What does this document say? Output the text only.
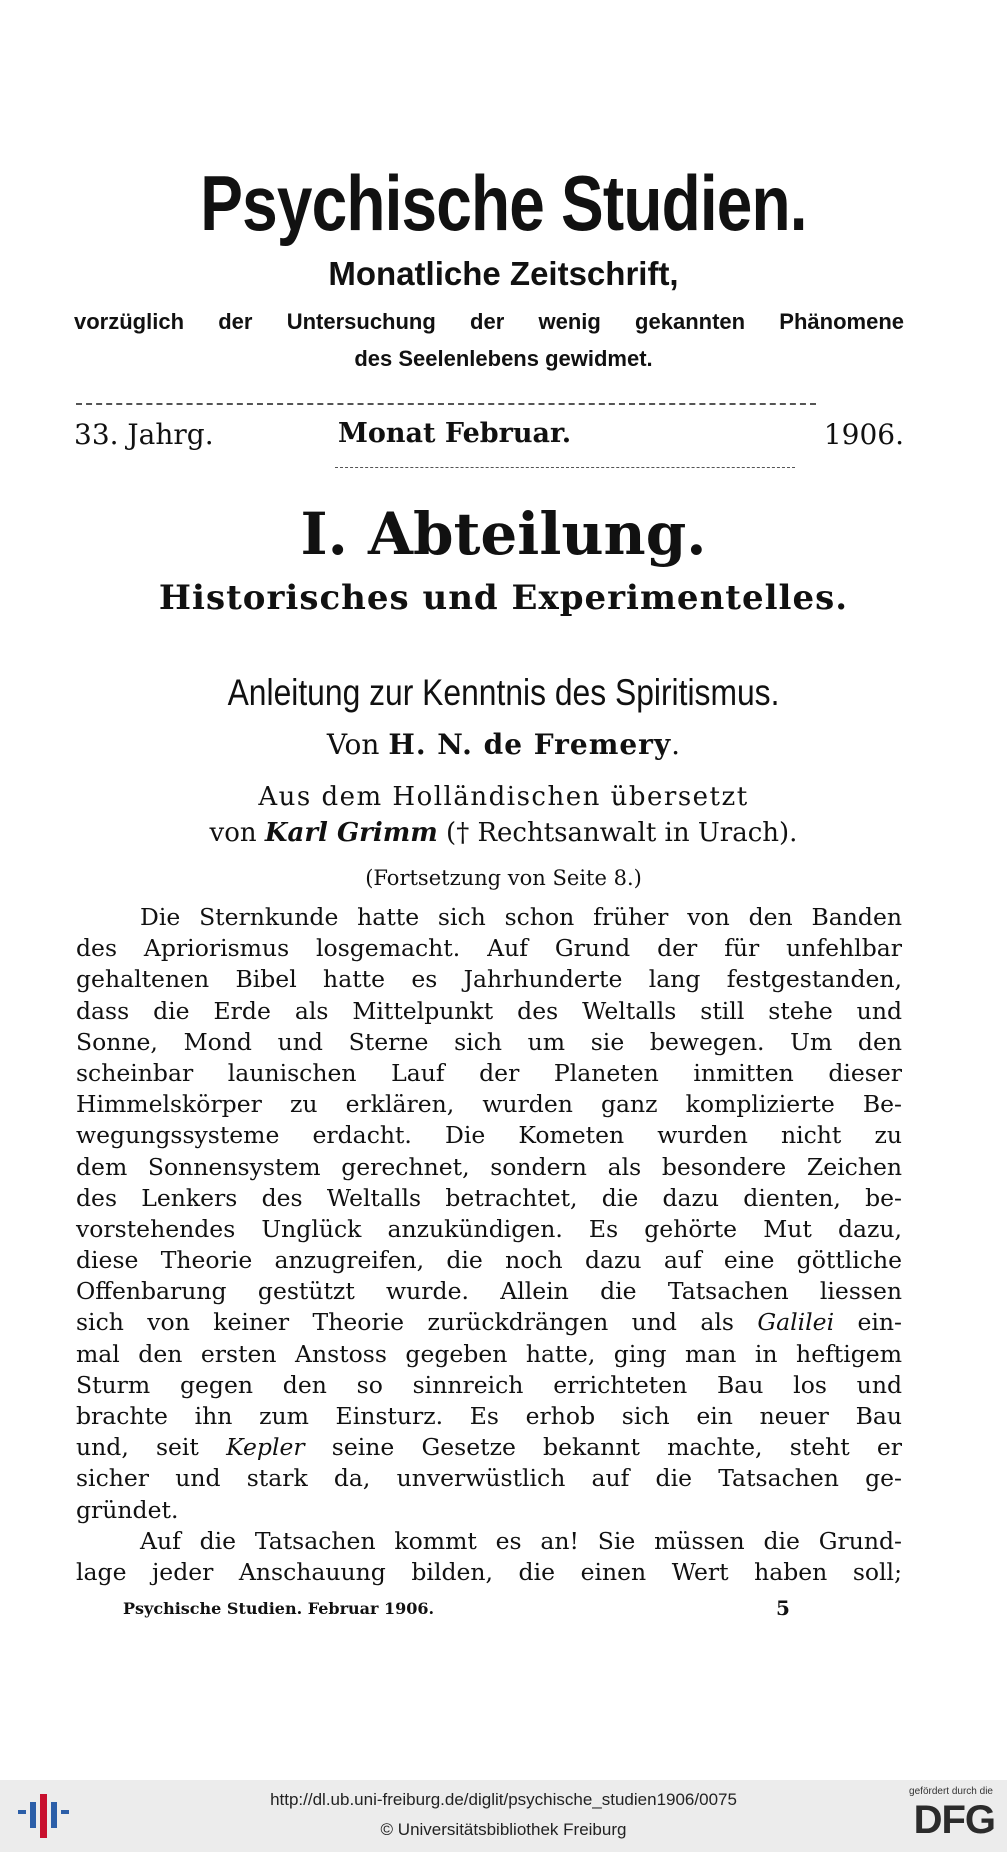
Psychische Studien.
Monatliche Zeitschrift,
vorzüglich der Untersuchung der wenig gekannten Phänomene
des Seelenlebens gewidmet.
33. Jahrg.	Monat Februar.	1906.
I. Abteilung.
Historisches und Experimentelles.
Anleitung zur Kenntnis des Spiritismus.
Von H. N. de Fremery.
Aus dem Holländischen übersetzt
von Karl Grimm († Rechtsanwalt in Urach).
(Fortsetzung von Seite 8.)
Die Sternkunde hatte sich schon früher von den Banden
des Apriorismus losgemacht. Auf Grund der für unfehlbar
gehaltenen Bibel hatte es Jahrhunderte lang festgestanden,
dass die Erde als Mittelpunkt des Weltalls still stehe und
Sonne, Mond und Sterne sich um sie bewegen. Um den
scheinbar launischen Lauf der Planeten inmitten dieser
Himmelskörper zu erklären, wurden ganz komplizierte Be-
wegungssysteme erdacht. Die Kometen wurden nicht zu
dem Sonnensystem gerechnet, sondern als besondere Zeichen
des Lenkers des Weltalls betrachtet, die dazu dienten, be-
vorstehendes Unglück anzukündigen. Es gehörte Mut dazu,
diese Theorie anzugreifen, die noch dazu auf eine göttliche
Offenbarung gestützt wurde. Allein die Tatsachen liessen
sich von keiner Theorie zurückdrängen und als Galilei ein-
mal den ersten Anstoss gegeben hatte, ging man in heftigem
Sturm gegen den so sinnreich errichteten Bau los und
brachte ihn zum Einsturz. Es erhob sich ein neuer Bau
und, seit Kepler seine Gesetze bekannt machte, steht er
sicher und stark da, unverwüstlich auf die Tatsachen ge-
gründet.
Auf die Tatsachen kommt es an! Sie müssen die Grund-
lage jeder Anschauung bilden, die einen Wert haben soll;
Psychische Studien. Februar 1906.	5
http://dl.ub.uni-freiburg.de/diglit/psychische_studien1906/0075
© Universitätsbibliothek Freiburg
gefördert durch die
DFG
